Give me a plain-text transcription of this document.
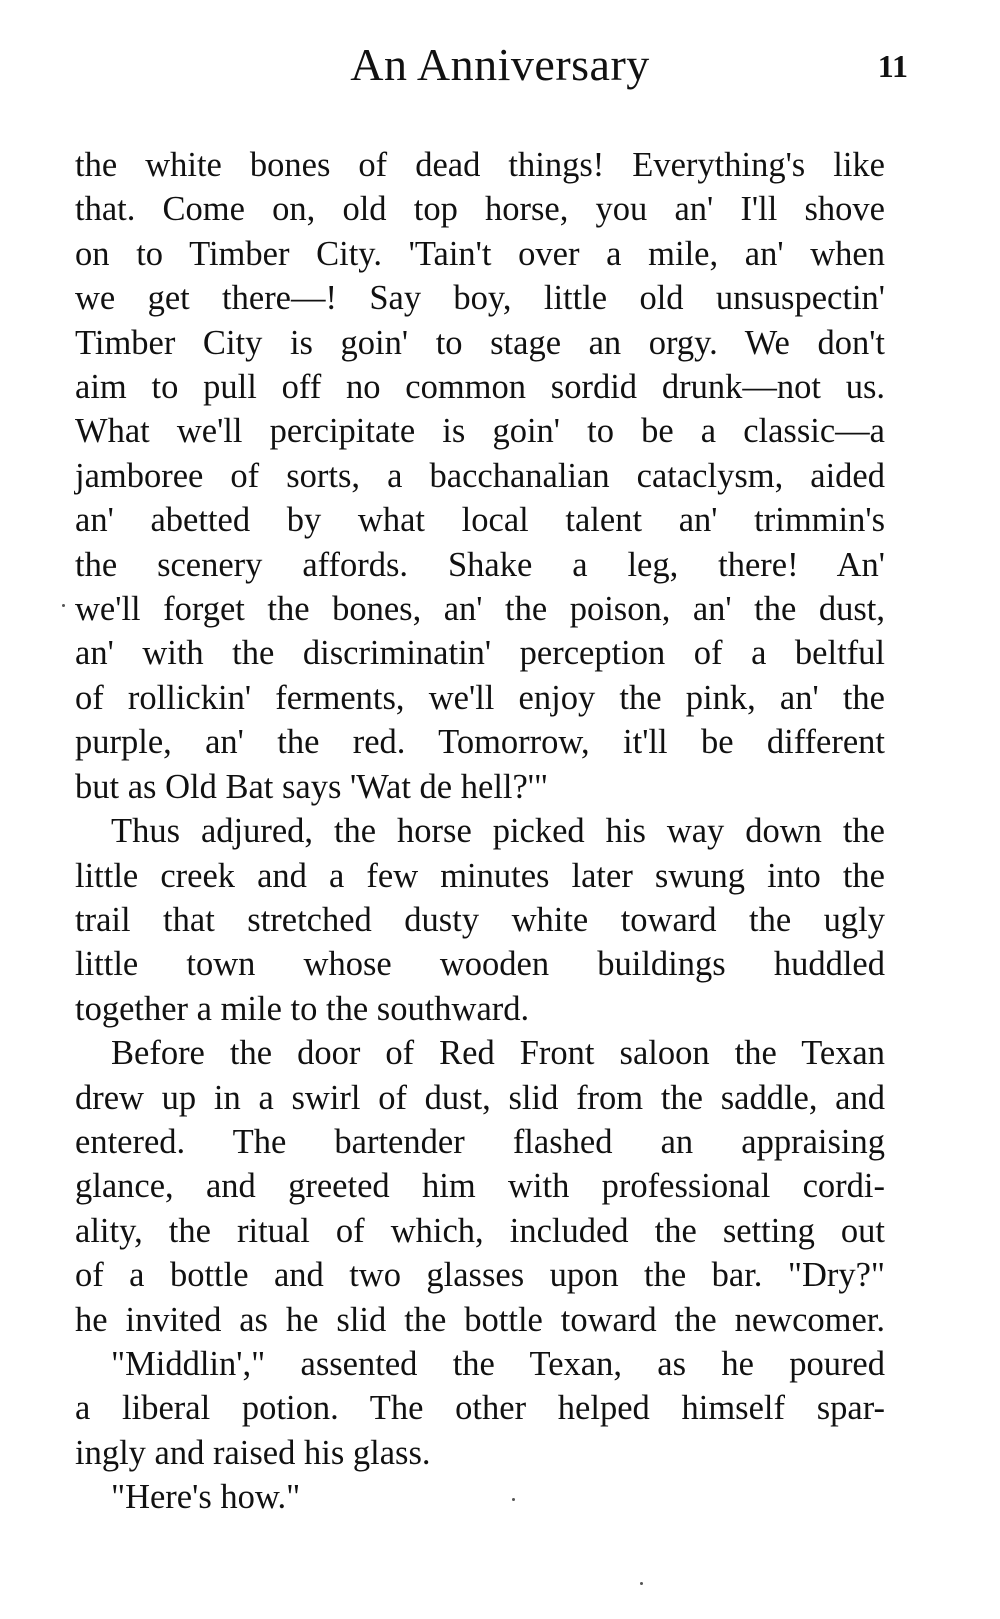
An Anniversary	11

the white bones of dead things! Everything's like
that. Come on, old top horse, you an' I'll shove
on to Timber City. 'Tain't over a mile, an' when
we get there—! Say boy, little old unsuspectin'
Timber City is goin' to stage an orgy. We don't
aim to pull off no common sordid drunk—not us.
What we'll percipitate is goin' to be a classic—a
jamboree of sorts, a bacchanalian cataclysm, aided
an' abetted by what local talent an' trimmin's
the scenery affords. Shake a leg, there! An'
we'll forget the bones, an' the poison, an' the dust,
an' with the discriminatin' perception of a beltful
of rollickin' ferments, we'll enjoy the pink, an' the
purple, an' the red. Tomorrow, it'll be different
but as Old Bat says 'Wat de hell?'"

Thus adjured, the horse picked his way down the
little creek and a few minutes later swung into the
trail that stretched dusty white toward the ugly
little town whose wooden buildings huddled
together a mile to the southward.

Before the door of Red Front saloon the Texan
drew up in a swirl of dust, slid from the saddle, and
entered. The bartender flashed an appraising
glance, and greeted him with professional cordi-
ality, the ritual of which, included the setting out
of a bottle and two glasses upon the bar. "Dry?"
he invited as he slid the bottle toward the newcomer.

"Middlin'," assented the Texan, as he poured
a liberal potion. The other helped himself spar-
ingly and raised his glass.

"Here's how."
